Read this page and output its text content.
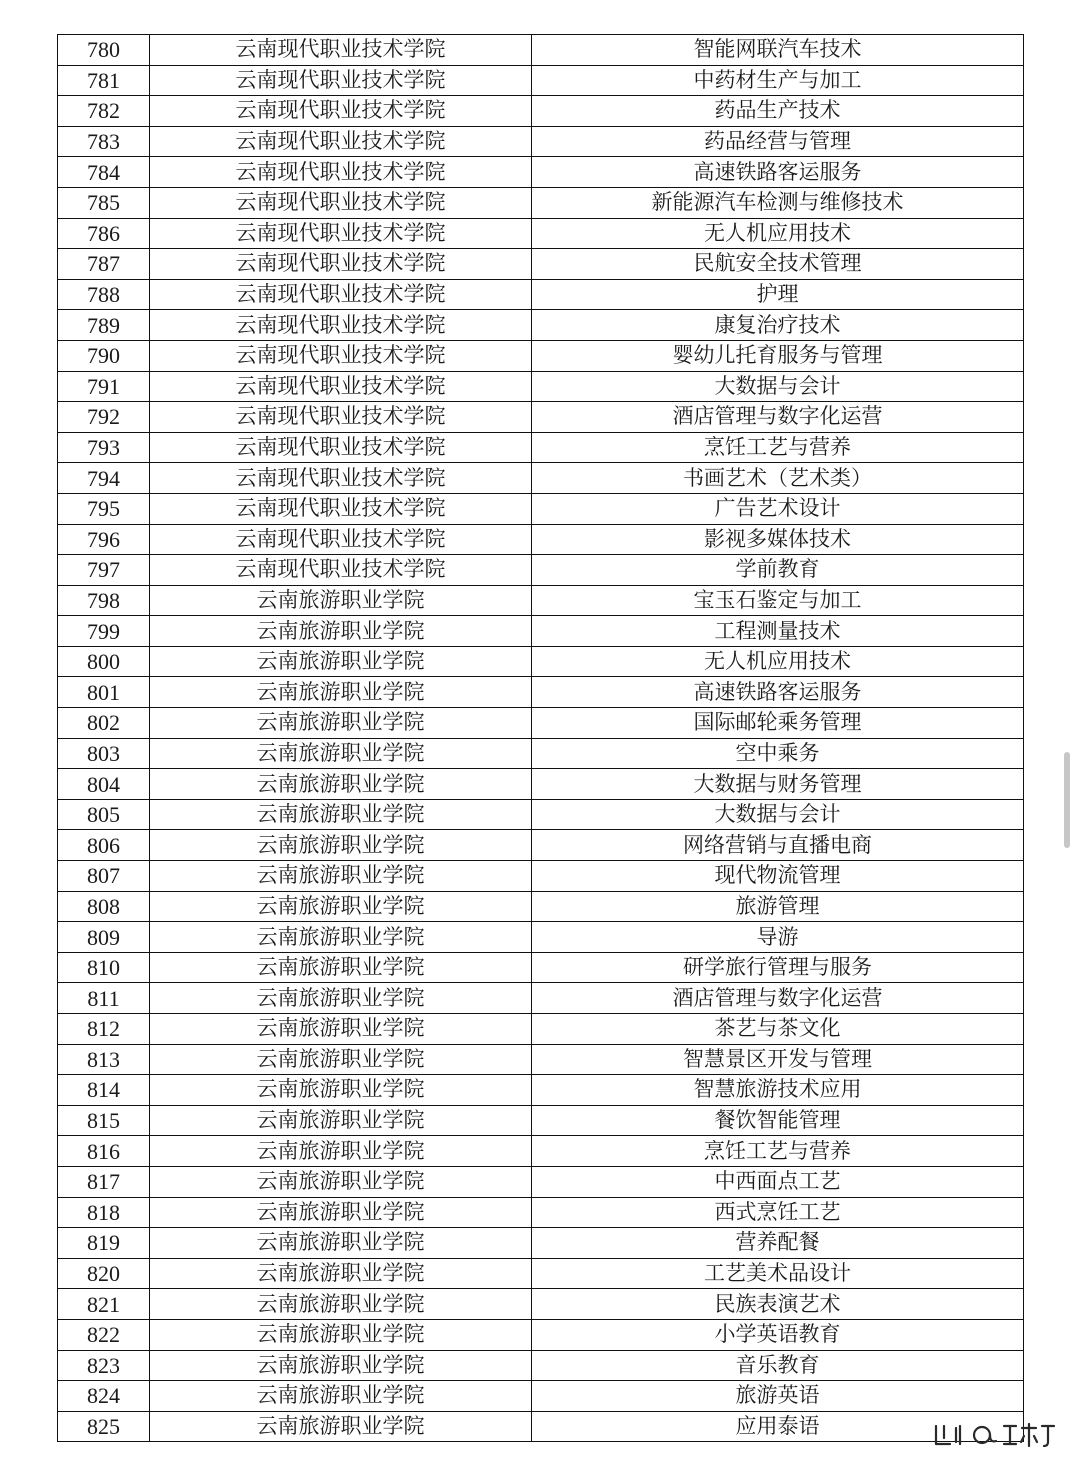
780	云南现代职业技术学院	智能网联汽车技术
781	云南现代职业技术学院	中药材生产与加工
782	云南现代职业技术学院	药品生产技术
783	云南现代职业技术学院	药品经营与管理
784	云南现代职业技术学院	高速铁路客运服务
785	云南现代职业技术学院	新能源汽车检测与维修技术
786	云南现代职业技术学院	无人机应用技术
787	云南现代职业技术学院	民航安全技术管理
788	云南现代职业技术学院	护理
789	云南现代职业技术学院	康复治疗技术
790	云南现代职业技术学院	婴幼儿托育服务与管理
791	云南现代职业技术学院	大数据与会计
792	云南现代职业技术学院	酒店管理与数字化运营
793	云南现代职业技术学院	烹饪工艺与营养
794	云南现代职业技术学院	书画艺术（艺术类）
795	云南现代职业技术学院	广告艺术设计
796	云南现代职业技术学院	影视多媒体技术
797	云南现代职业技术学院	学前教育
798	云南旅游职业学院	宝玉石鉴定与加工
799	云南旅游职业学院	工程测量技术
800	云南旅游职业学院	无人机应用技术
801	云南旅游职业学院	高速铁路客运服务
802	云南旅游职业学院	国际邮轮乘务管理
803	云南旅游职业学院	空中乘务
804	云南旅游职业学院	大数据与财务管理
805	云南旅游职业学院	大数据与会计
806	云南旅游职业学院	网络营销与直播电商
807	云南旅游职业学院	现代物流管理
808	云南旅游职业学院	旅游管理
809	云南旅游职业学院	导游
810	云南旅游职业学院	研学旅行管理与服务
811	云南旅游职业学院	酒店管理与数字化运营
812	云南旅游职业学院	茶艺与茶文化
813	云南旅游职业学院	智慧景区开发与管理
814	云南旅游职业学院	智慧旅游技术应用
815	云南旅游职业学院	餐饮智能管理
816	云南旅游职业学院	烹饪工艺与营养
817	云南旅游职业学院	中西面点工艺
818	云南旅游职业学院	西式烹饪工艺
819	云南旅游职业学院	营养配餐
820	云南旅游职业学院	工艺美术品设计
821	云南旅游职业学院	民族表演艺术
822	云南旅游职业学院	小学英语教育
823	云南旅游职业学院	音乐教育
824	云南旅游职业学院	旅游英语
825	云南旅游职业学院	应用泰语
